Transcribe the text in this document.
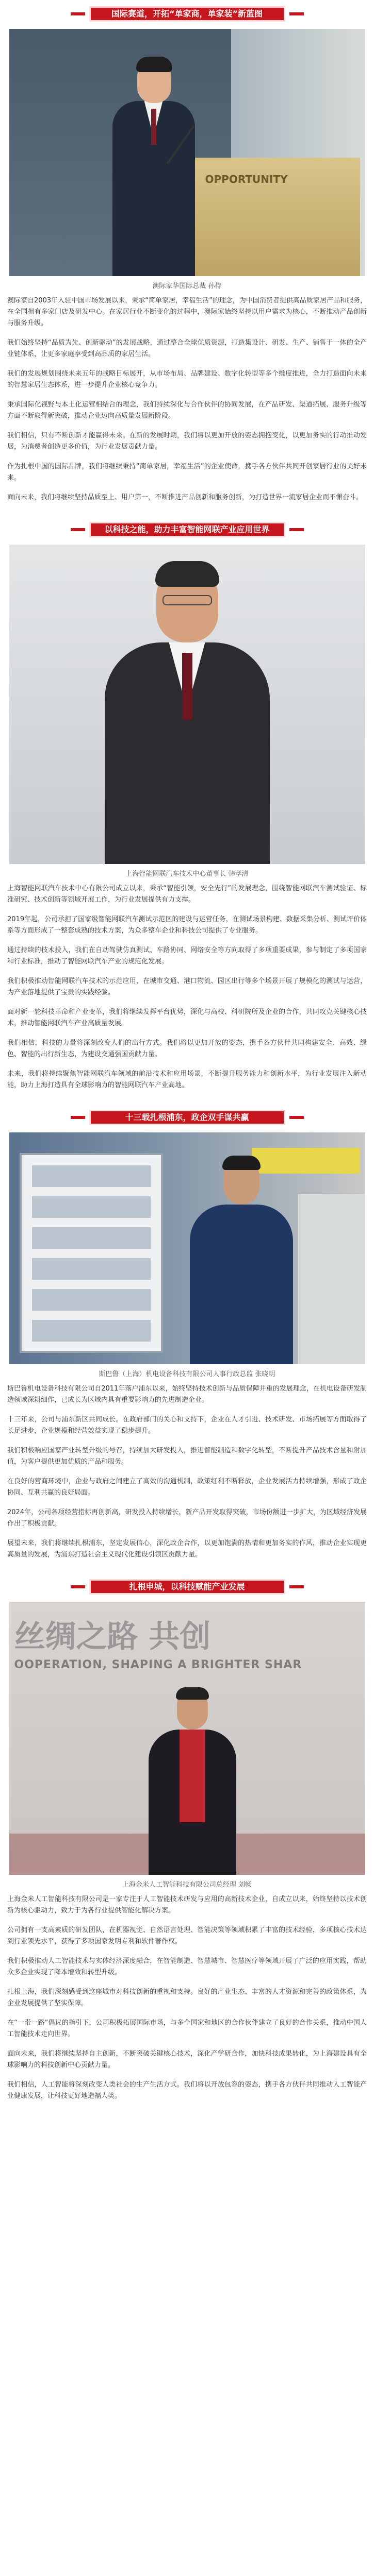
国际赛道，开拓“单家商，单家装”新蓝图
OPPORTUNITY
澳际家华国际总裁 孙侍

澳际家自2003年入驻中国市场发展以来，秉承“简单家居，幸福生活”的理念，为中国消费者提供高品质家居产品和服务，在全国拥有多家门店及研发中心。在家居行业不断变化的过程中，澳际家始终坚持以用户需求为核心，不断推动产品创新与服务升级。

我们始终坚持“品质为先、创新驱动”的发展战略，通过整合全球优质资源，打造集设计、研发、生产、销售于一体的全产业链体系，让更多家庭享受到高品质的家居生活。

我们的发展规划围绕未来五年的战略目标展开，从市场布局、品牌建设、数字化转型等多个维度推进，全力打造面向未来的智慧家居生态体系，进一步提升企业核心竞争力。

秉承国际化视野与本土化运营相结合的理念，我们持续深化与合作伙伴的协同发展，在产品研发、渠道拓展、服务升级等方面不断取得新突破，推动企业迈向高质量发展新阶段。

我们相信，只有不断创新才能赢得未来。在新的发展时期，我们将以更加开放的姿态拥抱变化，以更加务实的行动推动发展，为消费者创造更多价值，为行业发展贡献力量。

作为扎根中国的国际品牌，我们将继续秉持“简单家居，幸福生活”的企业使命，携手各方伙伴共同开创家居行业的美好未来。

面向未来，我们将继续坚持品质至上、用户第一，不断推进产品创新和服务创新，为打造世界一流家居企业而不懈奋斗。

以科技之能，助力丰富智能网联产业应用世界
上海智能网联汽车技术中心董事长 韩孝清

上海智能网联汽车技术中心有限公司成立以来，秉承“智能引领，安全先行”的发展理念，围绕智能网联汽车测试验证、标准研究、技术创新等领域开展工作，为行业发展提供有力支撑。

2019年起，公司承担了国家级智能网联汽车测试示范区的建设与运营任务，在测试场景构建、数据采集分析、测试评价体系等方面形成了一整套成熟的技术方案，为众多整车企业和科技公司提供了专业服务。

通过持续的技术投入，我们在自动驾驶仿真测试、车路协同、网络安全等方向取得了多项重要成果，参与制定了多项国家和行业标准，推动了智能网联汽车产业的规范化发展。

我们积极推动智能网联汽车技术的示范应用，在城市交通、港口物流、园区出行等多个场景开展了规模化的测试与运营，为产业落地提供了宝贵的实践经验。

面对新一轮科技革命和产业变革，我们将继续发挥平台优势，深化与高校、科研院所及企业的合作，共同攻克关键核心技术，推动智能网联汽车产业高质量发展。

我们相信，科技的力量将深刻改变人们的出行方式。我们将以更加开放的姿态，携手各方伙伴共同构建安全、高效、绿色、智能的出行新生态，为建设交通强国贡献力量。

未来，我们将持续聚焦智能网联汽车领域的前沿技术和应用场景，不断提升服务能力和创新水平，为行业发展注入新动能，助力上海打造具有全球影响力的智能网联汽车产业高地。

十三载扎根浦东，政企双手谋共赢
斯巴鲁（上海）机电设备科技有限公司人事行政总监 张晓明

斯巴鲁机电设备科技有限公司自2011年落户浦东以来，始终坚持技术创新与品质保障并重的发展理念，在机电设备研发制造领域深耕细作，已成长为区域内具有重要影响力的先进制造企业。

十三年来，公司与浦东新区共同成长。在政府部门的关心和支持下，企业在人才引进、技术研发、市场拓展等方面取得了长足进步，企业规模和经营效益实现了稳步提升。

我们积极响应国家产业转型升级的号召，持续加大研发投入，推进智能制造和数字化转型，不断提升产品技术含量和附加值，为客户提供更加优质的产品和服务。

在良好的营商环境中，企业与政府之间建立了高效的沟通机制，政策红利不断释放，企业发展活力持续增强，形成了政企协同、互利共赢的良好局面。

2024年，公司各项经营指标再创新高，研发投入持续增长，新产品开发取得突破，市场份额进一步扩大，为区域经济发展作出了积极贡献。

展望未来，我们将继续扎根浦东，坚定发展信心，深化政企合作，以更加饱满的热情和更加务实的作风，推动企业实现更高质量的发展，为浦东打造社会主义现代化建设引领区贡献力量。

扎根申城，以科技赋能产业发展
丝绸之路 共创
OOPERATION, SHAPING A BRIGHTER SHAR
上海金米人工智能科技有限公司总经理 刘畅

上海金米人工智能科技有限公司是一家专注于人工智能技术研发与应用的高新技术企业，自成立以来，始终坚持以技术创新为核心驱动力，致力于为各行业提供智能化解决方案。

公司拥有一支高素质的研发团队，在机器视觉、自然语言处理、智能决策等领域积累了丰富的技术经验，多项核心技术达到行业领先水平，获得了多项国家发明专利和软件著作权。

我们积极推动人工智能技术与实体经济深度融合，在智能制造、智慧城市、智慧医疗等领域开展了广泛的应用实践，帮助众多企业实现了降本增效和转型升级。

扎根上海，我们深刻感受到这座城市对科技创新的重视和支持。良好的产业生态、丰富的人才资源和完善的政策体系，为企业发展提供了坚实保障。

在“一带一路”倡议的指引下，公司积极拓展国际市场，与多个国家和地区的合作伙伴建立了良好的合作关系，推动中国人工智能技术走向世界。

面向未来，我们将继续坚持自主创新，不断突破关键核心技术，深化产学研合作，加快科技成果转化，为上海建设具有全球影响力的科技创新中心贡献力量。

我们相信，人工智能将深刻改变人类社会的生产生活方式。我们将以开放包容的姿态，携手各方伙伴共同推动人工智能产业健康发展，让科技更好地造福人类。
